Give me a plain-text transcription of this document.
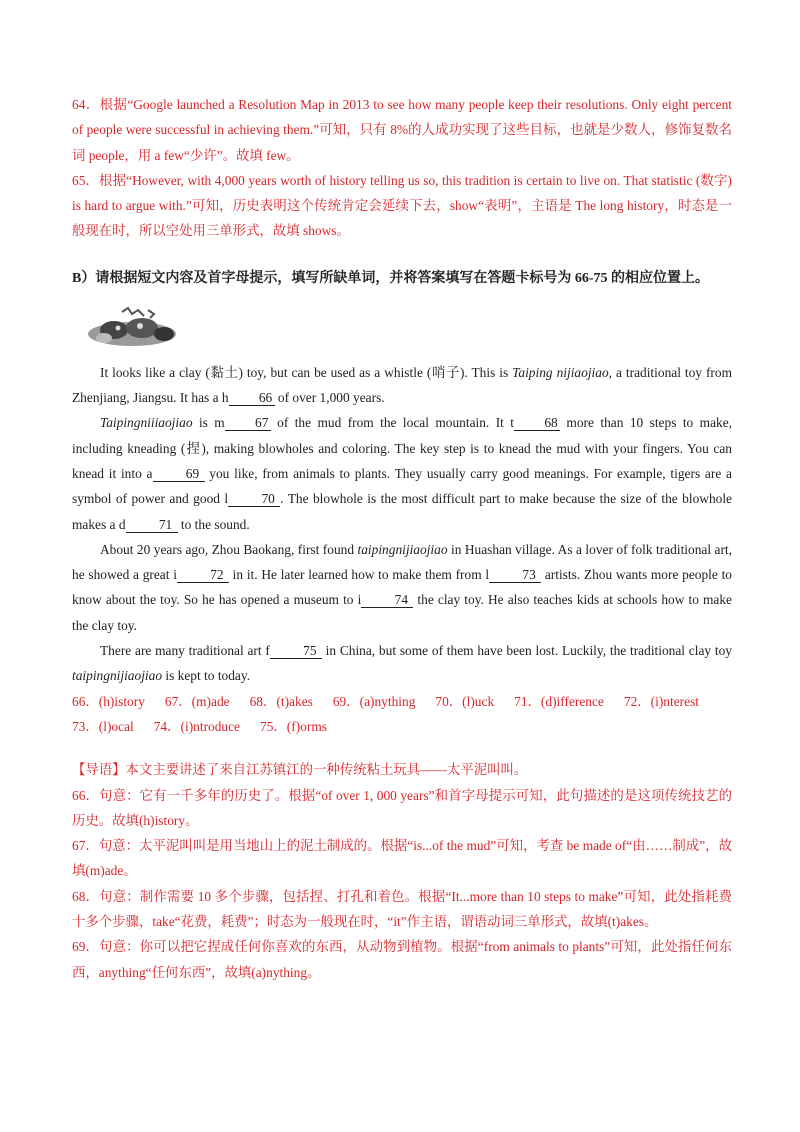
64．根据“Google launched a Resolution Map in 2013 to see how many people keep their resolutions. Only eight percent of people were successful in achieving them.”可知，只有 8%的人成功实现了这些目标，也就是少数人，修饰复数名词 people，用 a few“少许”。故填 few。

65．根据“However, with 4,000 years worth of history telling us so, this tradition is certain to live on. That statistic (数字) is hard to argue with.”可知，历史表明这个传统肯定会延续下去，show“表明”，主语是 The long history，时态是一般现在时，所以空处用三单形式，故填 shows。

B）请根据短文内容及首字母提示，填写所缺单词，并将答案填写在答题卡标号为 66-75 的相应位置上。

It looks like a clay (黏土) toy, but can be used as a whistle (哨子). This is Taiping nijiaojiao, a traditional toy from Zhenjiang, Jiangsu. It has a h 66 of over 1,000 years.

Taipingniiiaojiao is m 67 of the mud from the local mountain. It t 68 more than 10 steps to make, including kneading (捏), making blowholes and coloring. The key step is to knead the mud with your fingers. You can knead it into a 69 you like, from animals to plants. They usually carry good meanings. For example, tigers are a symbol of power and good l 70 . The blowhole is the most difficult part to make because the size of the blowhole makes a d 71 to the sound.

About 20 years ago, Zhou Baokang, first found taipingnijiaojiao in Huashan village. As a lover of folk traditional art, he showed a great i 72 in it. He later learned how to make them from l 73 artists. Zhou wants more people to know about the toy. So he has opened a museum to i 74 the clay toy. He also teaches kids at schools how to make the clay toy.

There are many traditional art f 75 in China, but some of them have been lost. Luckily, the traditional clay toy taipingnijiaojiao is kept to today.

66．(h)istory 67．(m)ade 68．(t)akes 69．(a)nything 70．(l)uck 71．(d)ifference 72．(i)nterest73．(l)ocal 74．(i)ntroduce 75．(f)orms

【导语】本文主要讲述了来自江苏镇江的一种传统粘土玩具——太平泥叫叫。

66．句意：它有一千多年的历史了。根据“of over 1, 000 years”和首字母提示可知，此句描述的是这项传统技艺的历史。故填(h)istory。

67．句意：太平泥叫叫是用当地山上的泥土制成的。根据“is...of the mud”可知，考查 be made of“由……制成”，故填(m)ade。

68．句意：制作需要 10 多个步骤，包括捏、打孔和着色。根据“It...more than 10 steps to make”可知，此处指耗费十多个步骤，take“花费，耗费”；时态为一般现在时，“it”作主语，谓语动词三单形式，故填(t)akes。

69．句意：你可以把它捏成任何你喜欢的东西，从动物到植物。根据“from animals to plants”可知，此处指任何东西，anything“任何东西”，故填(a)nything。
